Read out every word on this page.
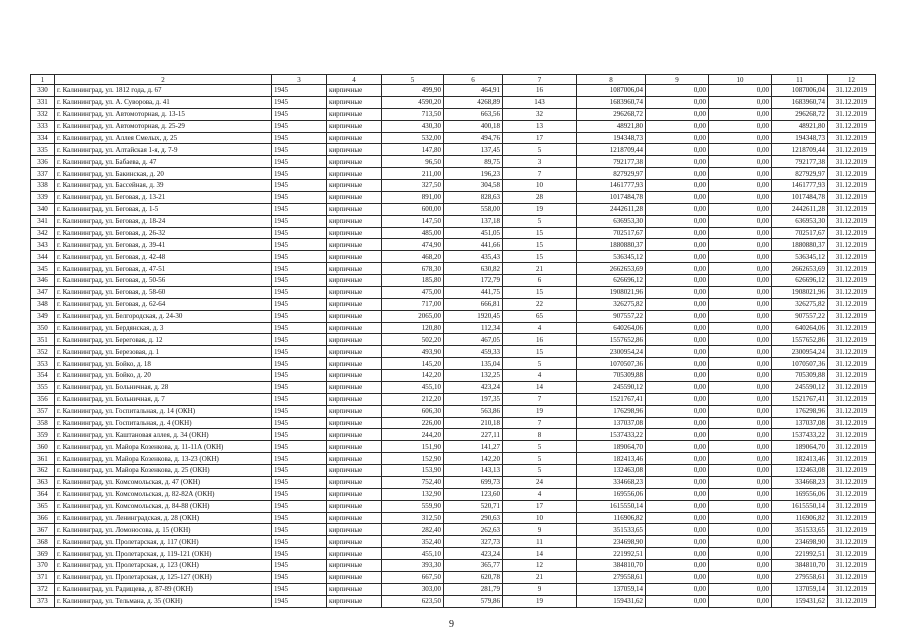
1	2	3	4	5	6	7	8	9	10	11	12
330	г. Калининград, ул. 1812 года, д. 67	1945	кирпичные	499,90	464,91	16	1087006,04	0,00	0,00	1087006,04	31.12.2019
331	г. Калининград, ул. А. Суворова, д. 41	1945	кирпичные	4590,20	4268,89	143	1683960,74	0,00	0,00	1683960,74	31.12.2019
332	г. Калининград, ул. Автомоторная, д. 13-15	1945	кирпичные	713,50	663,56	32	296268,72	0,00	0,00	296268,72	31.12.2019
333	г. Калининград, ул. Автомоторная, д. 25-29	1945	кирпичные	430,30	400,18	13	48921,80	0,00	0,00	48921,80	31.12.2019
334	г. Калининград, ул. Аллея Смелых, д. 25	1945	кирпичные	532,00	494,76	17	194348,73	0,00	0,00	194348,73	31.12.2019
335	г. Калининград, ул. Алтайская 1-я, д. 7-9	1945	кирпичные	147,80	137,45	5	1218709,44	0,00	0,00	1218709,44	31.12.2019
336	г. Калининград, ул. Бабаева, д. 47	1945	кирпичные	96,50	89,75	3	792177,38	0,00	0,00	792177,38	31.12.2019
337	г. Калининград, ул. Бакинская, д. 20	1945	кирпичные	211,00	196,23	7	827929,97	0,00	0,00	827929,97	31.12.2019
338	г. Калининград, ул. Бассейная, д. 39	1945	кирпичные	327,50	304,58	10	1461777,93	0,00	0,00	1461777,93	31.12.2019
339	г. Калининград, ул. Беговая, д. 13-21	1945	кирпичные	891,00	828,63	28	1017484,78	0,00	0,00	1017484,78	31.12.2019
340	г. Калининград, ул. Беговая, д. 1-5	1945	кирпичные	600,00	558,00	19	2442611,28	0,00	0,00	2442611,28	31.12.2019
341	г. Калининград, ул. Беговая, д. 18-24	1945	кирпичные	147,50	137,18	5	636953,30	0,00	0,00	636953,30	31.12.2019
342	г. Калининград, ул. Беговая, д. 26-32	1945	кирпичные	485,00	451,05	15	702517,67	0,00	0,00	702517,67	31.12.2019
343	г. Калининград, ул. Беговая, д. 39-41	1945	кирпичные	474,90	441,66	15	1880880,37	0,00	0,00	1880880,37	31.12.2019
344	г. Калининград, ул. Беговая, д. 42-48	1945	кирпичные	468,20	435,43	15	536345,12	0,00	0,00	536345,12	31.12.2019
345	г. Калининград, ул. Беговая, д. 47-51	1945	кирпичные	678,30	630,82	21	2662653,69	0,00	0,00	2662653,69	31.12.2019
346	г. Калининград, ул. Беговая, д. 50-56	1945	кирпичные	185,80	172,79	6	626696,12	0,00	0,00	626696,12	31.12.2019
347	г. Калининград, ул. Беговая, д. 58-60	1945	кирпичные	475,00	441,75	15	1908021,96	0,00	0,00	1908021,96	31.12.2019
348	г. Калининград, ул. Беговая, д. 62-64	1945	кирпичные	717,00	666,81	22	326275,82	0,00	0,00	326275,82	31.12.2019
349	г. Калининград, ул. Белгородская, д. 24-30	1945	кирпичные	2065,00	1920,45	65	907557,22	0,00	0,00	907557,22	31.12.2019
350	г. Калининград, ул. Бердянская, д. 3	1945	кирпичные	120,80	112,34	4	640264,06	0,00	0,00	640264,06	31.12.2019
351	г. Калининград, ул. Береговая, д. 12	1945	кирпичные	502,20	467,05	16	1557652,86	0,00	0,00	1557652,86	31.12.2019
352	г. Калининград, ул. Березовая, д. 1	1945	кирпичные	493,90	459,33	15	2300954,24	0,00	0,00	2300954,24	31.12.2019
353	г. Калининград, ул. Бойко, д. 18	1945	кирпичные	145,20	135,04	5	1070507,36	0,00	0,00	1070507,36	31.12.2019
354	г. Калининград, ул. Бойко, д. 20	1945	кирпичные	142,20	132,25	4	705309,88	0,00	0,00	705309,88	31.12.2019
355	г. Калининград, ул. Больничная, д. 28	1945	кирпичные	455,10	423,24	14	245590,12	0,00	0,00	245590,12	31.12.2019
356	г. Калининград, ул. Больничная, д. 7	1945	кирпичные	212,20	197,35	7	1521767,41	0,00	0,00	1521767,41	31.12.2019
357	г. Калининград, ул. Госпитальная, д. 14 (ОКН)	1945	кирпичные	606,30	563,86	19	176298,96	0,00	0,00	176298,96	31.12.2019
358	г. Калининград, ул. Госпитальная, д. 4 (ОКН)	1945	кирпичные	226,00	210,18	7	137037,08	0,00	0,00	137037,08	31.12.2019
359	г. Калининград, ул. Каштановая аллея, д. 34 (ОКН)	1945	кирпичные	244,20	227,11	8	1537433,22	0,00	0,00	1537433,22	31.12.2019
360	г. Калининград, ул. Майора Козенкова, д. 11-11А (ОКН)	1945	кирпичные	151,90	141,27	5	189064,70	0,00	0,00	189064,70	31.12.2019
361	г. Калининград, ул. Майора Козенкова, д. 13-23 (ОКН)	1945	кирпичные	152,90	142,20	5	182413,46	0,00	0,00	182413,46	31.12.2019
362	г. Калининград, ул. Майора Козенкова, д. 25 (ОКН)	1945	кирпичные	153,90	143,13	5	132463,08	0,00	0,00	132463,08	31.12.2019
363	г. Калининград, ул. Комсомольская, д. 47 (ОКН)	1945	кирпичные	752,40	699,73	24	334668,23	0,00	0,00	334668,23	31.12.2019
364	г. Калининград, ул. Комсомольская, д. 82-82А (ОКН)	1945	кирпичные	132,90	123,60	4	169556,06	0,00	0,00	169556,06	31.12.2019
365	г. Калининград, ул. Комсомольская, д. 84-88 (ОКН)	1945	кирпичные	559,90	520,71	17	1615550,14	0,00	0,00	1615550,14	31.12.2019
366	г. Калининград, ул. Ленинградская, д. 28 (ОКН)	1945	кирпичные	312,50	290,63	10	116906,82	0,00	0,00	116906,82	31.12.2019
367	г. Калининград, ул. Ломоносова, д. 15 (ОКН)	1945	кирпичные	282,40	262,63	9	351533,65	0,00	0,00	351533,65	31.12.2019
368	г. Калининград, ул. Пролетарская, д. 117 (ОКН)	1945	кирпичные	352,40	327,73	11	234698,90	0,00	0,00	234698,90	31.12.2019
369	г. Калининград, ул. Пролетарская, д. 119-121 (ОКН)	1945	кирпичные	455,10	423,24	14	221992,51	0,00	0,00	221992,51	31.12.2019
370	г. Калининград, ул. Пролетарская, д. 123 (ОКН)	1945	кирпичные	393,30	365,77	12	384810,70	0,00	0,00	384810,70	31.12.2019
371	г. Калининград, ул. Пролетарская, д. 125-127 (ОКН)	1945	кирпичные	667,50	620,78	21	279558,61	0,00	0,00	279558,61	31.12.2019
372	г. Калининград, ул. Радищева, д. 87-89 (ОКН)	1945	кирпичные	303,00	281,79	9	137059,14	0,00	0,00	137059,14	31.12.2019
373	г. Калининград, ул. Тельмана, д. 35 (ОКН)	1945	кирпичные	623,50	579,86	19	159431,62	0,00	0,00	159431,62	31.12.2019
9
